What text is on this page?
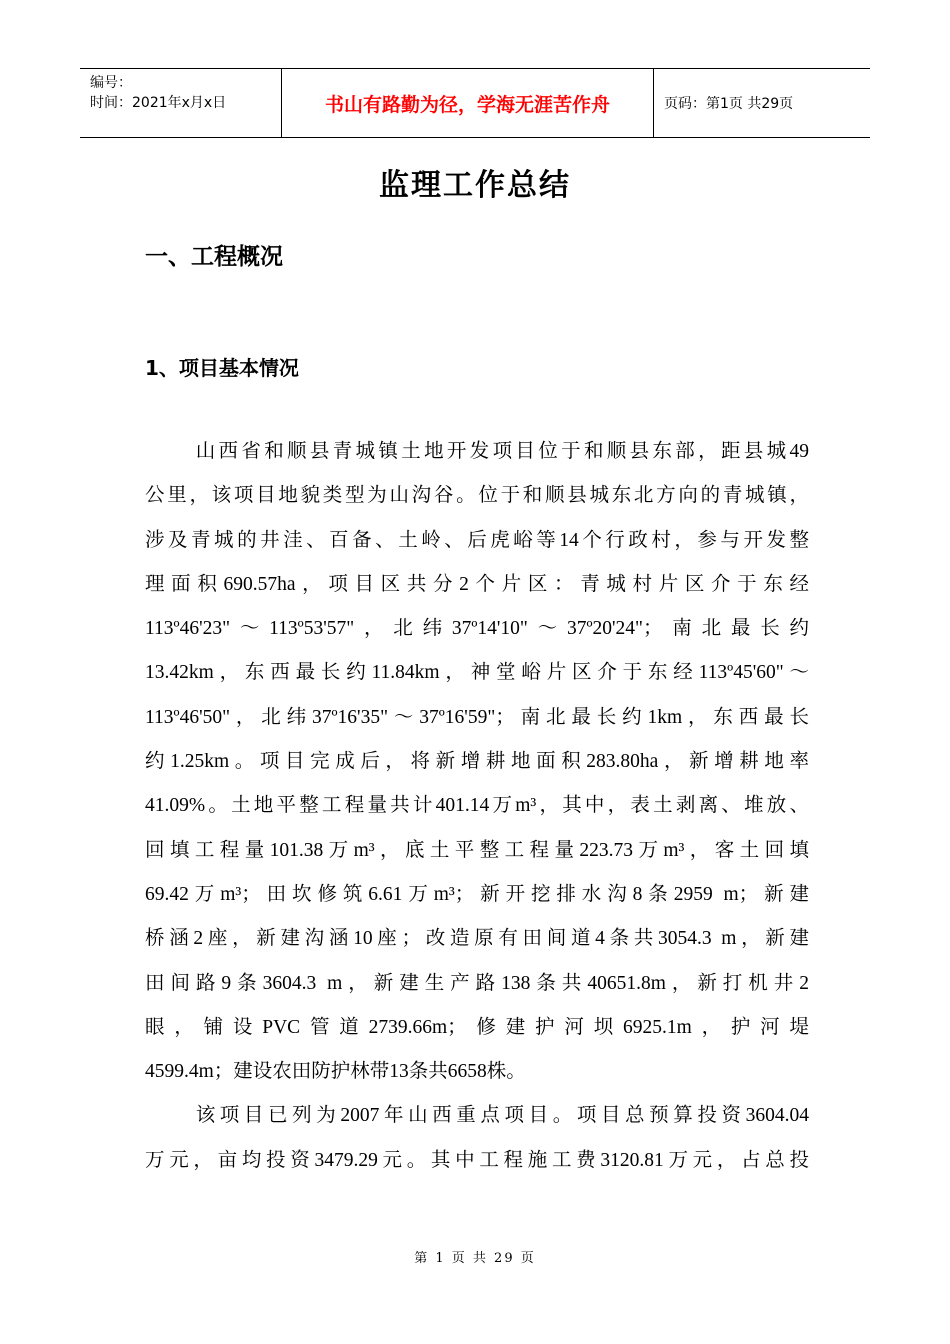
编号：
时间：2021年x月x日	书山有路勤为径，学海无涯苦作舟	页码：第1页 共29页
监理工作总结
一、工程概况
1、项目基本情况
山西省和顺县青城镇土地开发项目位于和顺县东部，距县城49
公里，该项目地貌类型为山沟谷。位于和顺县城东北方向的青城镇，
涉及青城的井洼、百备、土岭、后虎峪等14个行政村，参与开发整
理面积690.57ha，项目区共分2个片区：青城村片区介于东经
113º46'23"～113º53'57"，北纬37º14'10"～37º20'24"；南北最长约
13.42km，东西最长约11.84km，神堂峪片区介于东经113º45'60"～
113º46'50"，北纬37º16'35"～37º16'59"；南北最长约1km，东西最长
约1.25km。项目完成后，将新增耕地面积283.80ha，新增耕地率
41.09%。土地平整工程量共计401.14万m³，其中，表土剥离、堆放、
回填工程量101.38万m³，底土平整工程量223.73万m³，客土回填
69.42万m³；田坎修筑6.61万m³；新开挖排水沟8条2959 m；新建
桥涵2座，新建沟涵10座；改造原有田间道4条共3054.3 m，新建
田间路9条3604.3 m，新建生产路138条共40651.8m，新打机井2
眼，铺设PVC管道2739.66m；修建护河坝6925.1m，护河堤
4599.4m；建设农田防护林带13条共6658株。
该项目已列为2007年山西重点项目。项目总预算投资3604.04
万元，亩均投资3479.29元。其中工程施工费3120.81万元，占总投
第 1 页 共 29 页
